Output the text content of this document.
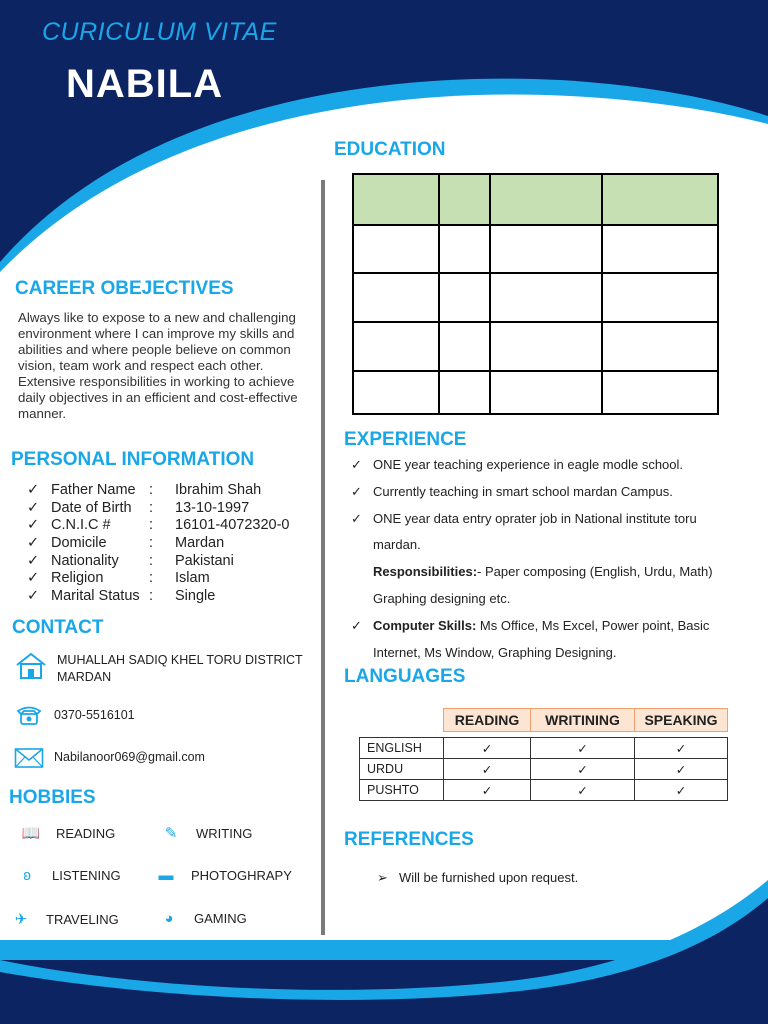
CURICULUM VITAE
NABILA
CAREER OBEJECTIVES
Always like to expose to a new and challenging environment where I can improve my skills and abilities and where people believe on common vision, team work and respect each other. Extensive responsibilities in working to achieve daily objectives in an efficient and cost-effective manner.
PERSONAL INFORMATION
✓ Father Name :	Ibrahim Shah
✓ Date of Birth	:	13-10-1997
✓ C.N.I.C #	:	16101-4072320-0
✓ Domicile	:	Mardan
✓ Nationality	:	Pakistani
✓ Religion	:	Islam
✓ Marital Status :	Single
CONTACT
MUHALLAH SADIQ KHEL TORU DISTRICT
MARDAN
0370-5516101
Nabilanoor069@gmail.com
HOBBIES
📖 READING	✎	WRITING
ʚ	LISTENING	▬ PHOTOGHRAPY
✈	TRAVELING	◕	GAMING
EDUCATION

EXPERIENCE
✓ ONE year teaching experience in eagle modle school.
✓ Currently teaching in smart school mardan Campus.
✓ ONE year data entry oprater job in National institute toru
mardan.
Responsibilities:- Paper composing (English, Urdu, Math)
Graphing designing etc.
✓ Computer Skills: Ms Office, Ms Excel, Power point, Basic
Internet, Ms Window, Graphing Designing.
LANGUAGES
	READING	WRITINING	SPEAKING

ENGLISH	✓	✓	✓
URDU	✓	✓	✓
PUSHTO	✓	✓	✓
REFERENCES
➢ Will be furnished upon request.
